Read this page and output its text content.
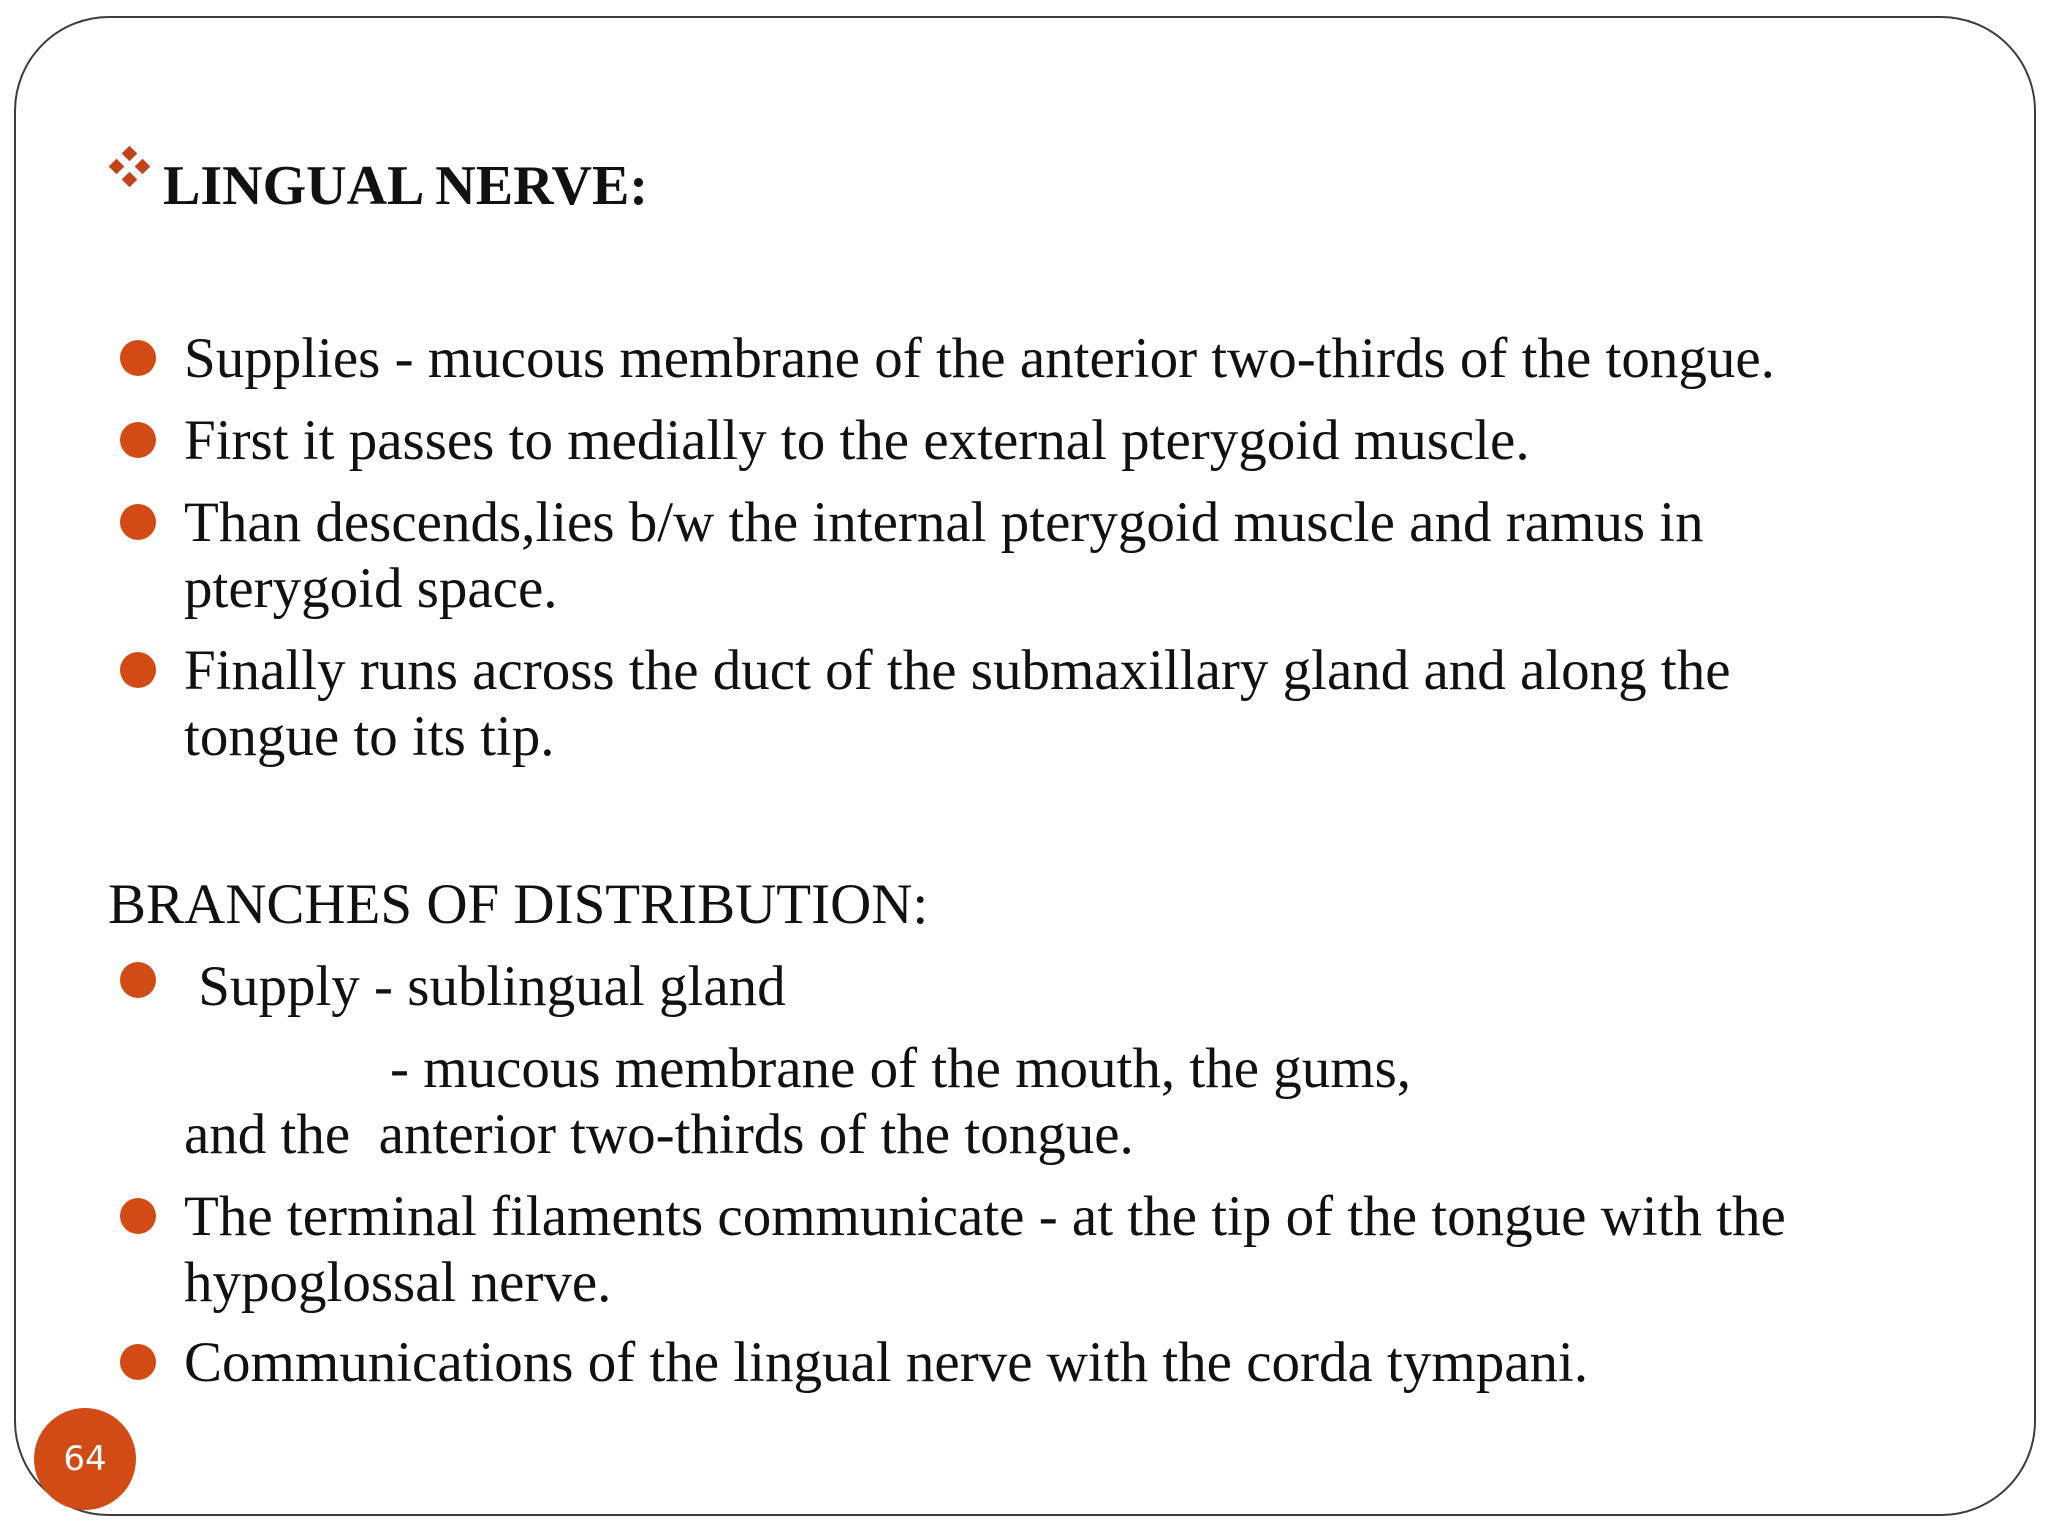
LINGUAL NERVE:
Supplies - mucous membrane of the anterior two-thirds of the tongue.
First it passes to medially to the external pterygoid muscle.
Than descends,lies b/w the internal pterygoid muscle and ramus in
pterygoid space.
Finally runs across the duct of the submaxillary gland and along the
tongue to its tip.
BRANCHES OF DISTRIBUTION:
Supply - sublingual gland
- mucous membrane of the mouth, the gums,
and the  anterior two-thirds of the tongue.
The terminal filaments communicate - at the tip of the tongue with the
hypoglossal nerve.
Communications of the lingual nerve with the corda tympani.
64
